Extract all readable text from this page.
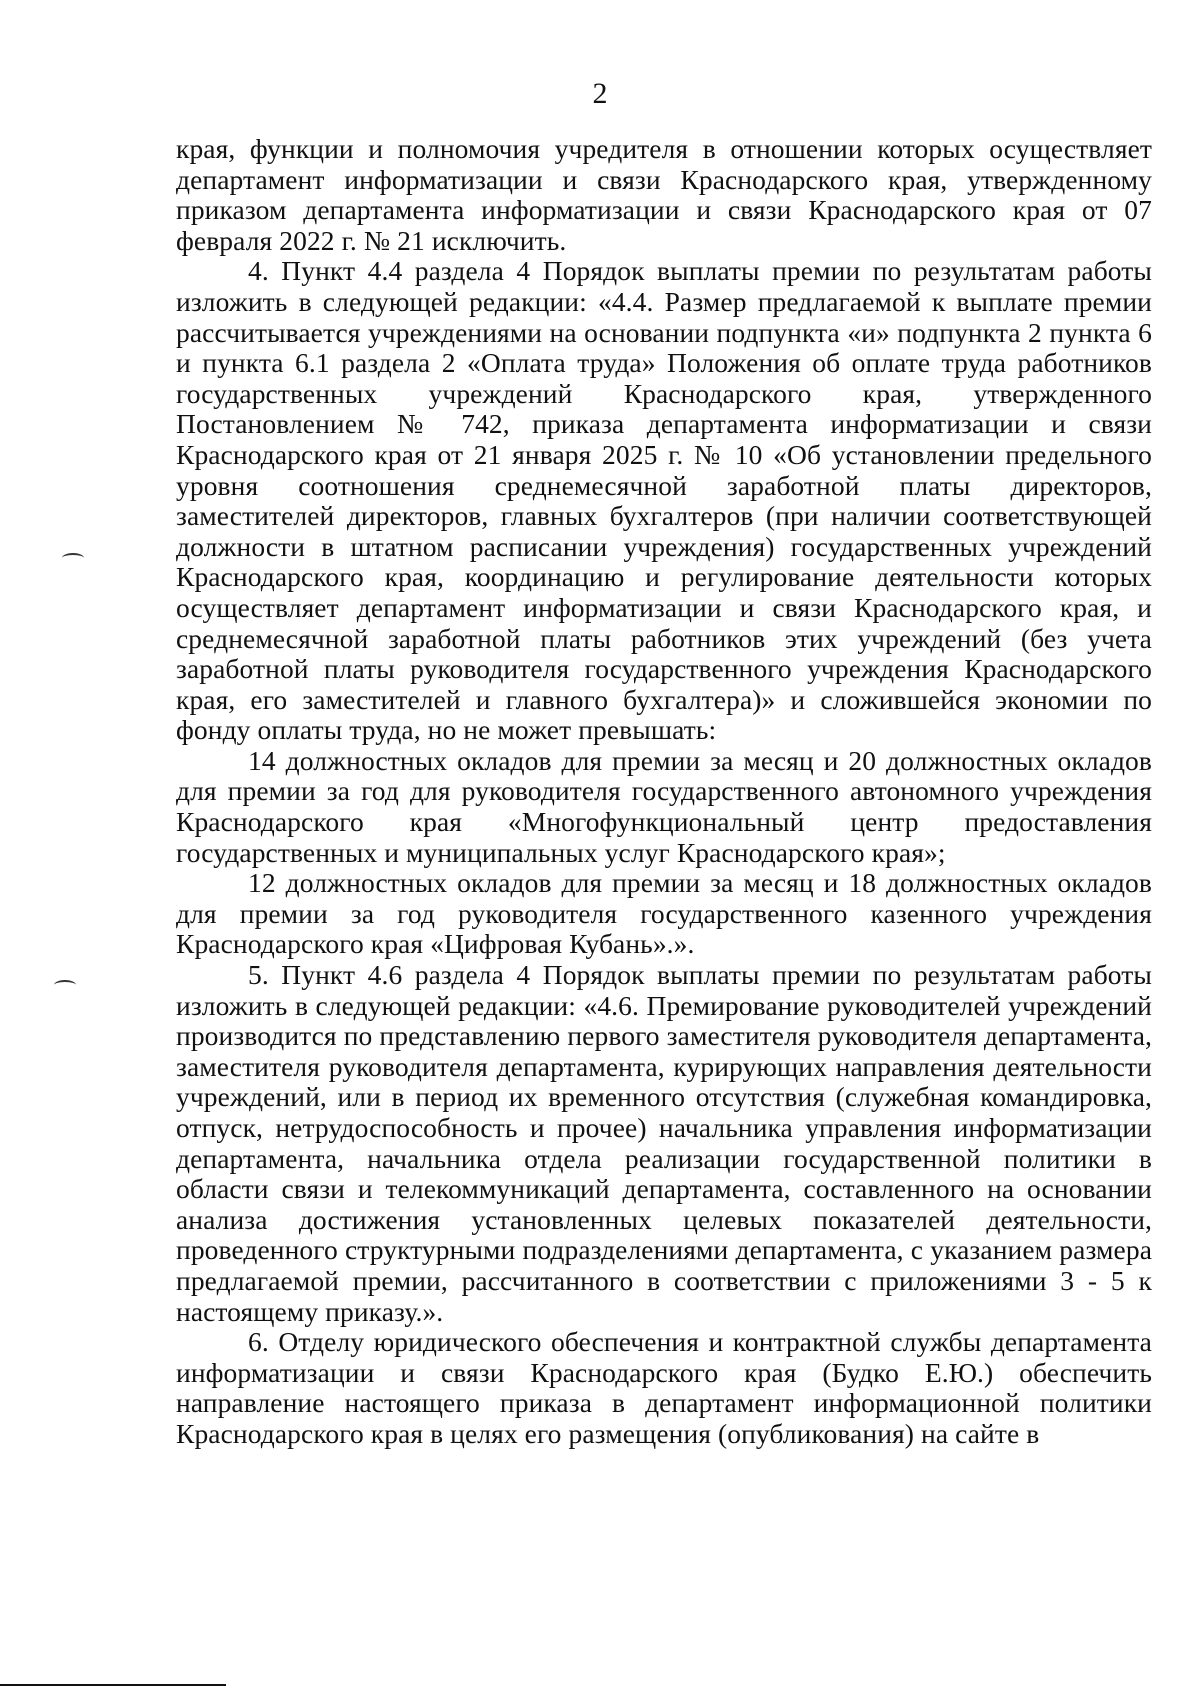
2

края, функции и полномочия учредителя в отношении которых осуществляет департамент информатизации и связи Краснодарского края, утвержденному приказом департамента информатизации и связи Краснодарского края от 07 февраля 2022 г. № 21 исключить.

4. Пункт 4.4 раздела 4 Порядок выплаты премии по результатам работы изложить в следующей редакции: «4.4. Размер предлагаемой к выплате премии рассчитывается учреждениями на основании подпункта «и» подпункта 2 пункта 6 и пункта 6.1 раздела 2 «Оплата труда» Положения об оплате труда работников государственных учреждений Краснодарского края, утвержденного Постановлением № 742, приказа департамента информатизации и связи Краснодарского края от 21 января 2025 г. № 10 «Об установлении предельного уровня соотношения среднемесячной заработной платы директоров, заместителей директоров, главных бухгалтеров (при наличии соответствующей должности в штатном расписании учреждения) государственных учреждений Краснодарского края, координацию и регулирование деятельности которых осуществляет департамент информатизации и связи Краснодарского края, и среднемесячной заработной платы работников этих учреждений (без учета заработной платы руководителя государственного учреждения Краснодарского края, его заместителей и главного бухгалтера)» и сложившейся экономии по фонду оплаты труда, но не может превышать:

14 должностных окладов для премии за месяц и 20 должностных окладов для премии за год для руководителя государственного автономного учреждения Краснодарского края «Многофункциональный центр предоставления государственных и муниципальных услуг Краснодарского края»;

12 должностных окладов для премии за месяц и 18 должностных окладов для премии за год руководителя государственного казенного учреждения Краснодарского края «Цифровая Кубань».».

5. Пункт 4.6 раздела 4 Порядок выплаты премии по результатам работы изложить в следующей редакции: «4.6. Премирование руководителей учреждений производится по представлению первого заместителя руководителя департамента, заместителя руководителя департамента, курирующих направления деятельности учреждений, или в период их временного отсутствия (служебная командировка, отпуск, нетрудоспособность и прочее) начальника управления информатизации департамента, начальника отдела реализации государственной политики в области связи и телекоммуникаций департамента, составленного на основании анализа достижения установленных целевых показателей деятельности, проведенного структурными подразделениями департамента, с указанием размера предлагаемой премии, рассчитанного в соответствии с приложениями 3 - 5 к настоящему приказу.».

6. Отделу юридического обеспечения и контрактной службы департамента информатизации и связи Краснодарского края (Будко Е.Ю.) обеспечить направление настоящего приказа в департамент информационной политики Краснодарского края в целях его размещения (опубликования) на сайте в
